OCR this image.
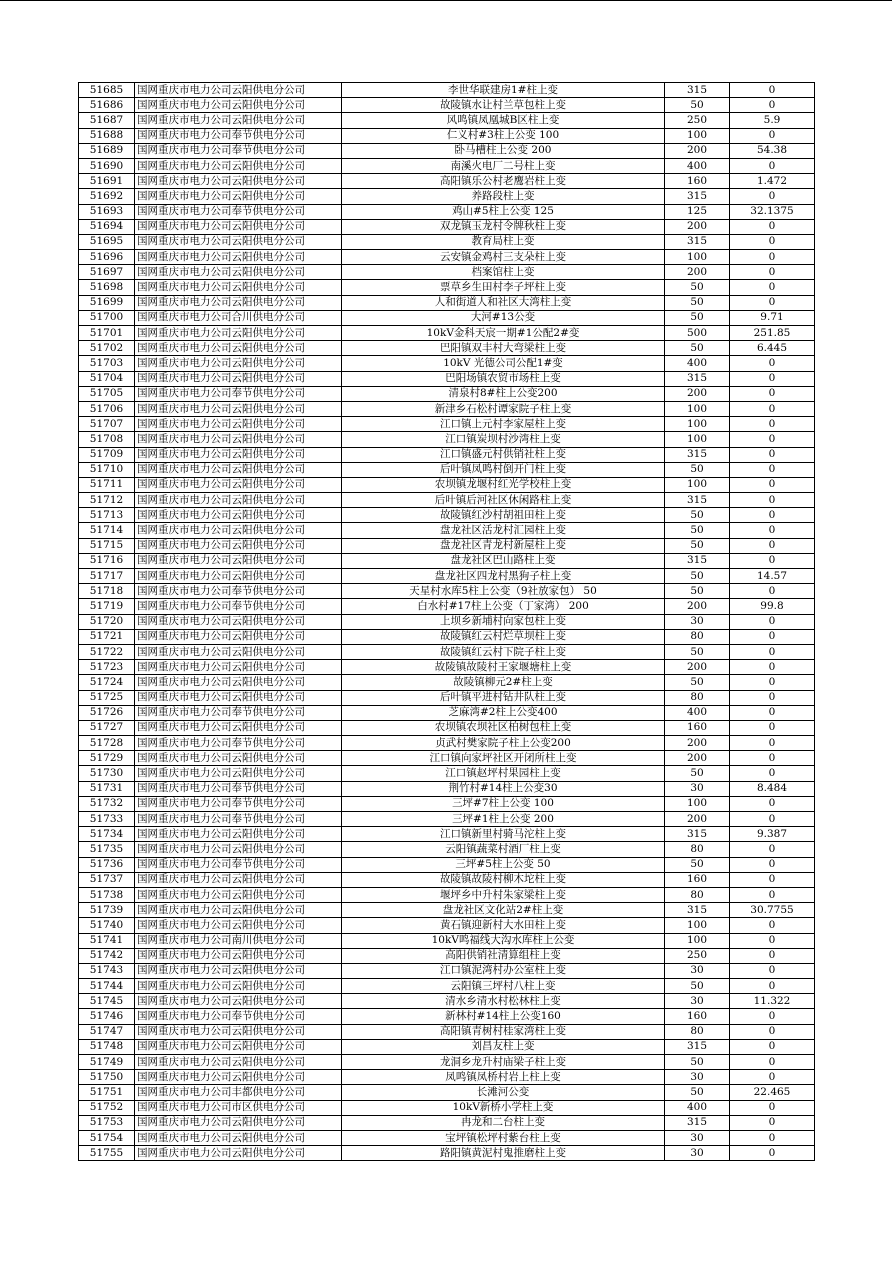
51685	国网重庆市电力公司云阳供电分公司	李世华联建房1#柱上变	315	0
51686	国网重庆市电力公司云阳供电分公司	故陵镇水让村兰草包柱上变	50	0
51687	国网重庆市电力公司云阳供电分公司	风鸣镇凤凰城B区柱上变	250	5.9
51688	国网重庆市电力公司奉节供电分公司	仁义村#3柱上公变 100	100	0
51689	国网重庆市电力公司奉节供电分公司	卧马槽柱上公变 200	200	54.38
51690	国网重庆市电力公司云阳供电分公司	南溪火电厂二号柱上变	400	0
51691	国网重庆市电力公司云阳供电分公司	高阳镇乐公村老鹰岩柱上变	160	1.472
51692	国网重庆市电力公司云阳供电分公司	养路段柱上变	315	0
51693	国网重庆市电力公司奉节供电分公司	鸡山#5柱上公变 125	125	32.1375
51694	国网重庆市电力公司云阳供电分公司	双龙镇玉龙村令牌秋柱上变	200	0
51695	国网重庆市电力公司云阳供电分公司	教育局柱上变	315	0
51696	国网重庆市电力公司云阳供电分公司	云安镇金鸡村三支朵柱上变	100	0
51697	国网重庆市电力公司云阳供电分公司	档案馆柱上变	200	0
51698	国网重庆市电力公司云阳供电分公司	票草乡生田村李子坪柱上变	50	0
51699	国网重庆市电力公司云阳供电分公司	人和街道人和社区大湾柱上变	50	0
51700	国网重庆市电力公司合川供电分公司	大河#13公变	50	9.71
51701	国网重庆市电力公司云阳供电分公司	10kV金科天宸一期#1公配2#变	500	251.85
51702	国网重庆市电力公司云阳供电分公司	巴阳镇双丰村大弯梁柱上变	50	6.445
51703	国网重庆市电力公司云阳供电分公司	10kV 光德公司公配1#变	400	0
51704	国网重庆市电力公司云阳供电分公司	巴阳场镇农贸市场柱上变	315	0
51705	国网重庆市电力公司奉节供电分公司	清泉村8#柱上公变200	200	0
51706	国网重庆市电力公司云阳供电分公司	新津乡石松村谭家院子柱上变	100	0
51707	国网重庆市电力公司云阳供电分公司	江口镇上元村李家屋柱上变	100	0
51708	国网重庆市电力公司云阳供电分公司	江口镇炭坝村沙湾柱上变	100	0
51709	国网重庆市电力公司云阳供电分公司	江口镇盛元村供销社柱上变	315	0
51710	国网重庆市电力公司云阳供电分公司	后叶镇凤鸣村倒开门柱上变	50	0
51711	国网重庆市电力公司云阳供电分公司	农坝镇龙堰村红光学校柱上变	100	0
51712	国网重庆市电力公司云阳供电分公司	后叶镇后河社区休闲路柱上变	315	0
51713	国网重庆市电力公司云阳供电分公司	故陵镇红沙村胡祖田柱上变	50	0
51714	国网重庆市电力公司云阳供电分公司	盘龙社区活龙村汇园柱上变	50	0
51715	国网重庆市电力公司云阳供电分公司	盘龙社区青龙村新屋柱上变	50	0
51716	国网重庆市电力公司云阳供电分公司	盘龙社区巴山路柱上变	315	0
51717	国网重庆市电力公司云阳供电分公司	盘龙社区四龙村黑狗子柱上变	50	14.57
51718	国网重庆市电力公司奉节供电分公司	天星村水库5柱上公变（9社放家包） 50	50	0
51719	国网重庆市电力公司奉节供电分公司	白水村#17柱上公变（丁家湾） 200	200	99.8
51720	国网重庆市电力公司云阳供电分公司	上坝乡新埔村向家包柱上变	30	0
51721	国网重庆市电力公司云阳供电分公司	故陵镇红云村烂草坝柱上变	80	0
51722	国网重庆市电力公司云阳供电分公司	故陵镇红云村下院子柱上变	50	0
51723	国网重庆市电力公司云阳供电分公司	故陵镇故陵村王家堰塘柱上变	200	0
51724	国网重庆市电力公司云阳供电分公司	故陵镇柳元2#柱上变	50	0
51725	国网重庆市电力公司云阳供电分公司	后叶镇平进村钻井队柱上变	80	0
51726	国网重庆市电力公司奉节供电分公司	芝麻湾#2柱上公变400	400	0
51727	国网重庆市电力公司云阳供电分公司	农坝镇农坝社区柏树包柱上变	160	0
51728	国网重庆市电力公司奉节供电分公司	贞武村樊家院子柱上公变200	200	0
51729	国网重庆市电力公司云阳供电分公司	江口镇向家坪社区开闭所柱上变	200	0
51730	国网重庆市电力公司云阳供电分公司	江口镇赵坪村果园柱上变	50	0
51731	国网重庆市电力公司奉节供电分公司	荆竹村#14柱上公变30	30	8.484
51732	国网重庆市电力公司奉节供电分公司	三坪#7柱上公变 100	100	0
51733	国网重庆市电力公司奉节供电分公司	三坪#1柱上公变 200	200	0
51734	国网重庆市电力公司云阳供电分公司	江口镇新里村骑马沱柱上变	315	9.387
51735	国网重庆市电力公司云阳供电分公司	云阳镇蔬菜村酒厂柱上变	80	0
51736	国网重庆市电力公司奉节供电分公司	三坪#5柱上公变 50	50	0
51737	国网重庆市电力公司云阳供电分公司	故陵镇故陵村柳木坨柱上变	160	0
51738	国网重庆市电力公司云阳供电分公司	堰坪乡中升村朱家梁柱上变	80	0
51739	国网重庆市电力公司云阳供电分公司	盘龙社区文化站2#柱上变	315	30.7755
51740	国网重庆市电力公司云阳供电分公司	黄石镇迎新村大水田柱上变	100	0
51741	国网重庆市电力公司南川供电分公司	10kV鸣福线大沟水库柱上公变	100	0
51742	国网重庆市电力公司云阳供电分公司	高阳供销社清算组柱上变	250	0
51743	国网重庆市电力公司云阳供电分公司	江口镇泥湾村办公室柱上变	30	0
51744	国网重庆市电力公司云阳供电分公司	云阳镇三坪村八柱上变	50	0
51745	国网重庆市电力公司云阳供电分公司	清水乡清水村松林柱上变	30	11.322
51746	国网重庆市电力公司奉节供电分公司	新林村#14柱上公变160	160	0
51747	国网重庆市电力公司云阳供电分公司	高阳镇青树村桂家湾柱上变	80	0
51748	国网重庆市电力公司云阳供电分公司	刘昌友柱上变	315	0
51749	国网重庆市电力公司云阳供电分公司	龙洞乡龙升村庙梁子柱上变	50	0
51750	国网重庆市电力公司云阳供电分公司	凤鸣镇凤桥村岩上柱上变	30	0
51751	国网重庆市电力公司丰都供电分公司	长滩河公变	50	22.465
51752	国网重庆市电力公司市区供电分公司	10kV新桥小学柱上变	400	0
51753	国网重庆市电力公司云阳供电分公司	冉龙和二台柱上变	315	0
51754	国网重庆市电力公司云阳供电分公司	宝坪镇松坪村紫台柱上变	30	0
51755	国网重庆市电力公司云阳供电分公司	路阳镇黄泥村鬼推磨柱上变	30	0
